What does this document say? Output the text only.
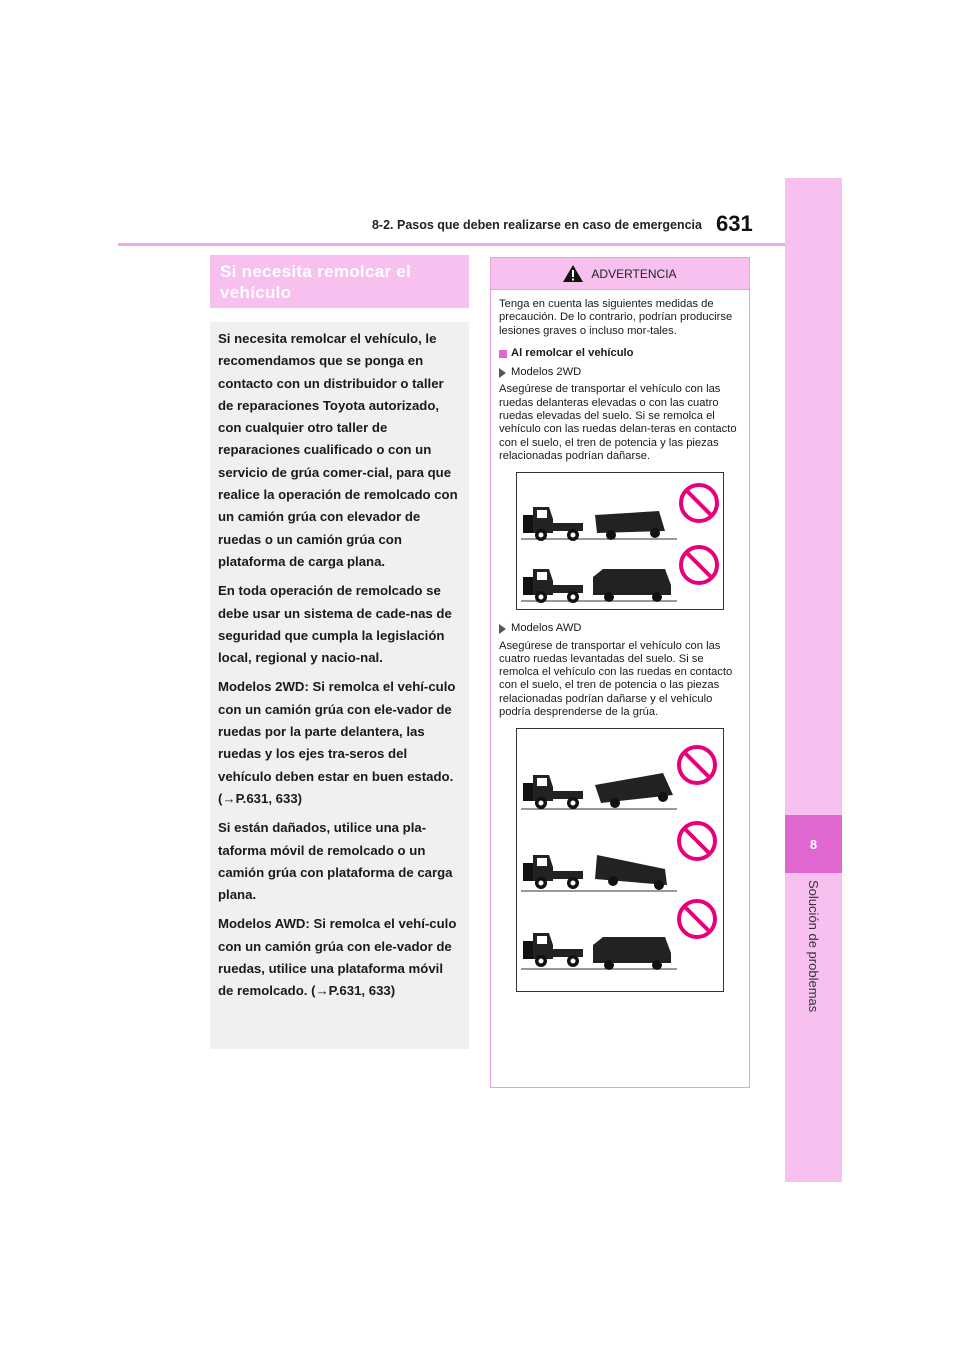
8
Solución de problemas
8-2. Pasos que deben realizarse en caso de emergencia 631
Si necesita remolcar el vehículo

Si necesita remolcar el vehículo, le recomendamos que se ponga en contacto con un distribuidor o taller de reparaciones Toyota autorizado, con cualquier otro taller de reparaciones cualificado o con un servicio de grúa comer-cial, para que realice la operación de remolcado con un camión grúa con elevador de ruedas o un camión grúa con plataforma de carga plana.

En toda operación de remolcado se debe usar un sistema de cade-nas de seguridad que cumpla la legislación local, regional y nacio-nal.

Modelos 2WD: Si remolca el vehí-culo con un camión grúa con ele-vador de ruedas por la parte delantera, las ruedas y los ejes tra-seros del vehículo deben estar en buen estado. (→P.631, 633)

Si están dañados, utilice una pla-taforma móvil de remolcado o un camión grúa con plataforma de carga plana.

Modelos AWD: Si remolca el vehí-culo con un camión grúa con ele-vador de ruedas, utilice una plataforma móvil de remolcado. (→P.631, 633)

ADVERTENCIA

Tenga en cuenta las siguientes medidas de precaución. De lo contrario, podrían producirse lesiones graves o incluso mor-tales.

Al remolcar el vehículo
Modelos 2WD

Asegúrese de transportar el vehículo con las ruedas delanteras elevadas o con las cuatro ruedas elevadas del suelo. Si se remolca el vehículo con las ruedas delan-teras en contacto con el suelo, el tren de potencia y las piezas relacionadas podrían dañarse.

Modelos AWD

Asegúrese de transportar el vehículo con las cuatro ruedas levantadas del suelo. Si se remolca el vehículo con las ruedas en contacto con el suelo, el tren de potencia o las piezas relacionadas podrían dañarse y el vehículo podría desprenderse de la grúa.
